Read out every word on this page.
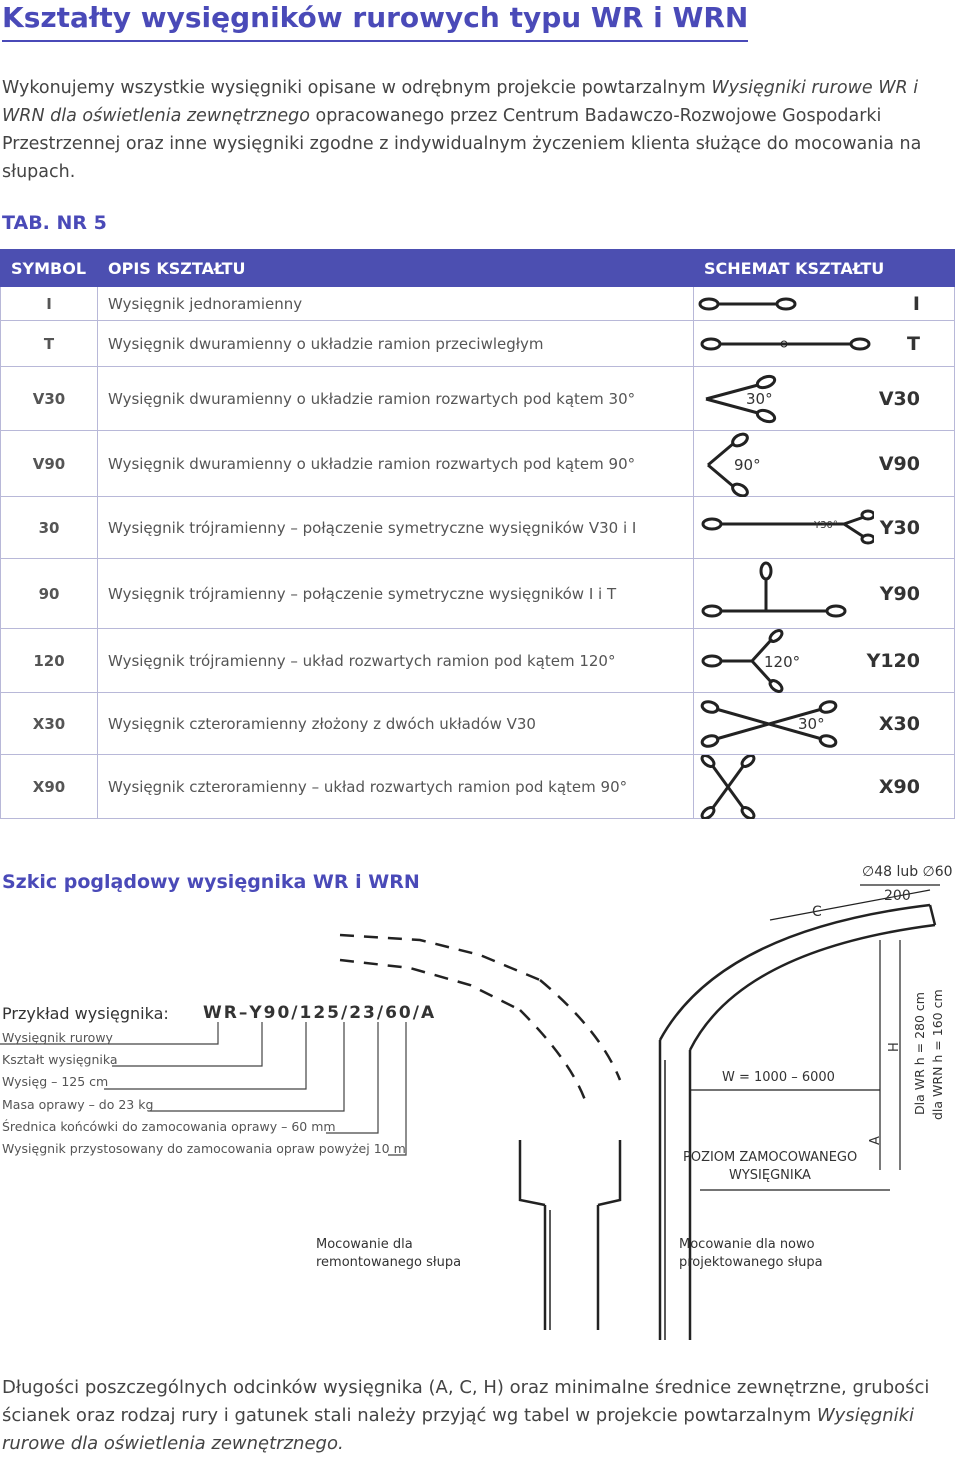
Kształty wysięgników rurowych typu WR i WRN
Wykonujemy wszystkie wysięgniki opisane w odrębnym projekcie powtarzalnym Wysięgniki rurowe WR i WRN dla oświetlenia zewnętrznego opracowanego przez Centrum Badawczo-Rozwojowe Gospodarki Przestrzennej oraz inne wysięgniki zgodne z indywidualnym życzeniem klienta służące do mocowania na słupach.
TAB. NR 5
SYMBOL	OPIS KSZTAŁTU	SCHEMAT KSZTAŁTU
I	Wysięgnik jednoramienny	I

T	Wysięgnik dwuramienny o układzie ramion przeciwległym	T

V30	Wysięgnik dwuramienny o układzie ramion rozwartych pod kątem 30°	30° V30

V90	Wysięgnik dwuramienny o układzie ramion rozwartych pod kątem 90°	90° V90

30	Wysięgnik trójramienny – połączenie symetryczne wysięgników V30 i I	Y30° Y30

90	Wysięgnik trójramienny – połączenie symetryczne wysięgników I i T	Y90

120	Wysięgnik trójramienny – układ rozwartych ramion pod kątem 120°	120° Y120

X30	Wysięgnik czteroramienny złożony z dwóch układów V30	30° X30

X90	Wysięgnik czteroramienny – układ rozwartych ramion pod kątem 90°	X90
Szkic poglądowy wysięgnika WR i WRN	∅48 lub ∅60
200
C
W = 1000 – 6000
H
A
Dla WR h = 280 cm dla WRN h = 160 cm
POZIOM ZAMOCOWANEGO
WYSIĘGNIKA
Mocowanie dla
remontowanego słupa
Mocowanie dla nowo
projektowanego słupa
Przykład wysięgnika: WR–Y90/125/23/60/A
Wysięgnik rurowy
Kształt wysięgnika
Wysięg – 125 cm
Masa oprawy – do 23 kg
Średnica końcówki do zamocowania oprawy – 60 mm
Wysięgnik przystosowany do zamocowania opraw powyżej 10 m
Długości poszczególnych odcinków wysięgnika (A, C, H) oraz minimalne średnice zewnętrzne, grubości ścianek oraz rodzaj rury i gatunek stali należy przyjąć wg tabel w projekcie powtarzalnym Wysięgniki rurowe dla oświetlenia zewnętrznego.
